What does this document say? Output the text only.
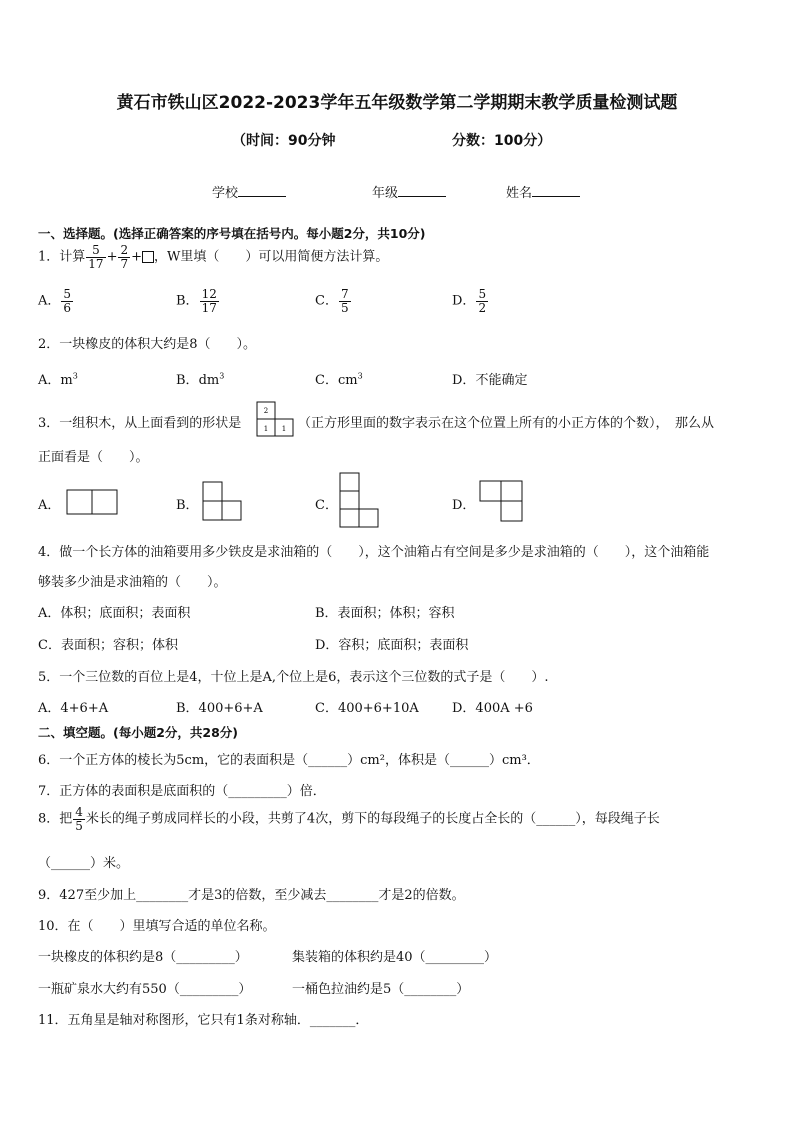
黄石市铁山区2022-2023学年五年级数学第二学期期末教学质量检测试题
（时间：90分钟	分数：100分）
学校	年级	姓名
一、选择题。(选择正确答案的序号填在括号内。每小题2分，共10分)
1．计算 $\frac{5}{17} + \frac{2}{7}$ + ，W里填（　　）可以用简便方法计算。
A． $\frac{5}{6}$	B． $\frac{12}{17}$	C． $\frac{7}{5}$	D． $\frac{5}{2}$
2．一块橡皮的体积大约是8（　　）。
A．$m^3$	B．$dm^3$	C．$cm^3$	D．不能确定
3．一组积木，从上面看到的形状是
2
1 1 （正方形里面的数字表示在这个位置上所有的小正方体的个数），　那么从
正面看是（　　）。
A．	B．	C．	D．
4．做一个长方体的油箱要用多少铁皮是求油箱的（　　），这个油箱占有空间是多少是求油箱的（　　），这个油箱能
够装多少油是求油箱的（　　）。
A．体积；底面积；表面积	B．表面积；体积；容积
C．表面积；容积；体积	D．容积；底面积；表面积
5．一个三位数的百位上是4，十位上是A,个位上是6，表示这个三位数的式子是（　　）.
A．4+6+A	B．400+6+A	C．400+6+10A	D．400A +6
二、填空题。(每小题2分，共28分)
6．一个正方体的棱长为5cm，它的表面积是（______）cm²，体积是（______）cm³．
7．正方体的表面积是底面积的（_________）倍．
8．把 $\frac{4}{5}$ 米长的绳子剪成同样长的小段，共剪了4次，剪下的每段绳子的长度占全长的（______），每段绳子长
（______）米。
9．427至少加上________才是3的倍数，至少减去________才是2的倍数。
10．在（　　）里填写合适的单位名称。
一块橡皮的体积约是8（_________）	集装箱的体积约是40（_________）
一瓶矿泉水大约有550（_________）	一桶色拉油约是5（________）
11．五角星是轴对称图形，它只有1条对称轴．_______．
